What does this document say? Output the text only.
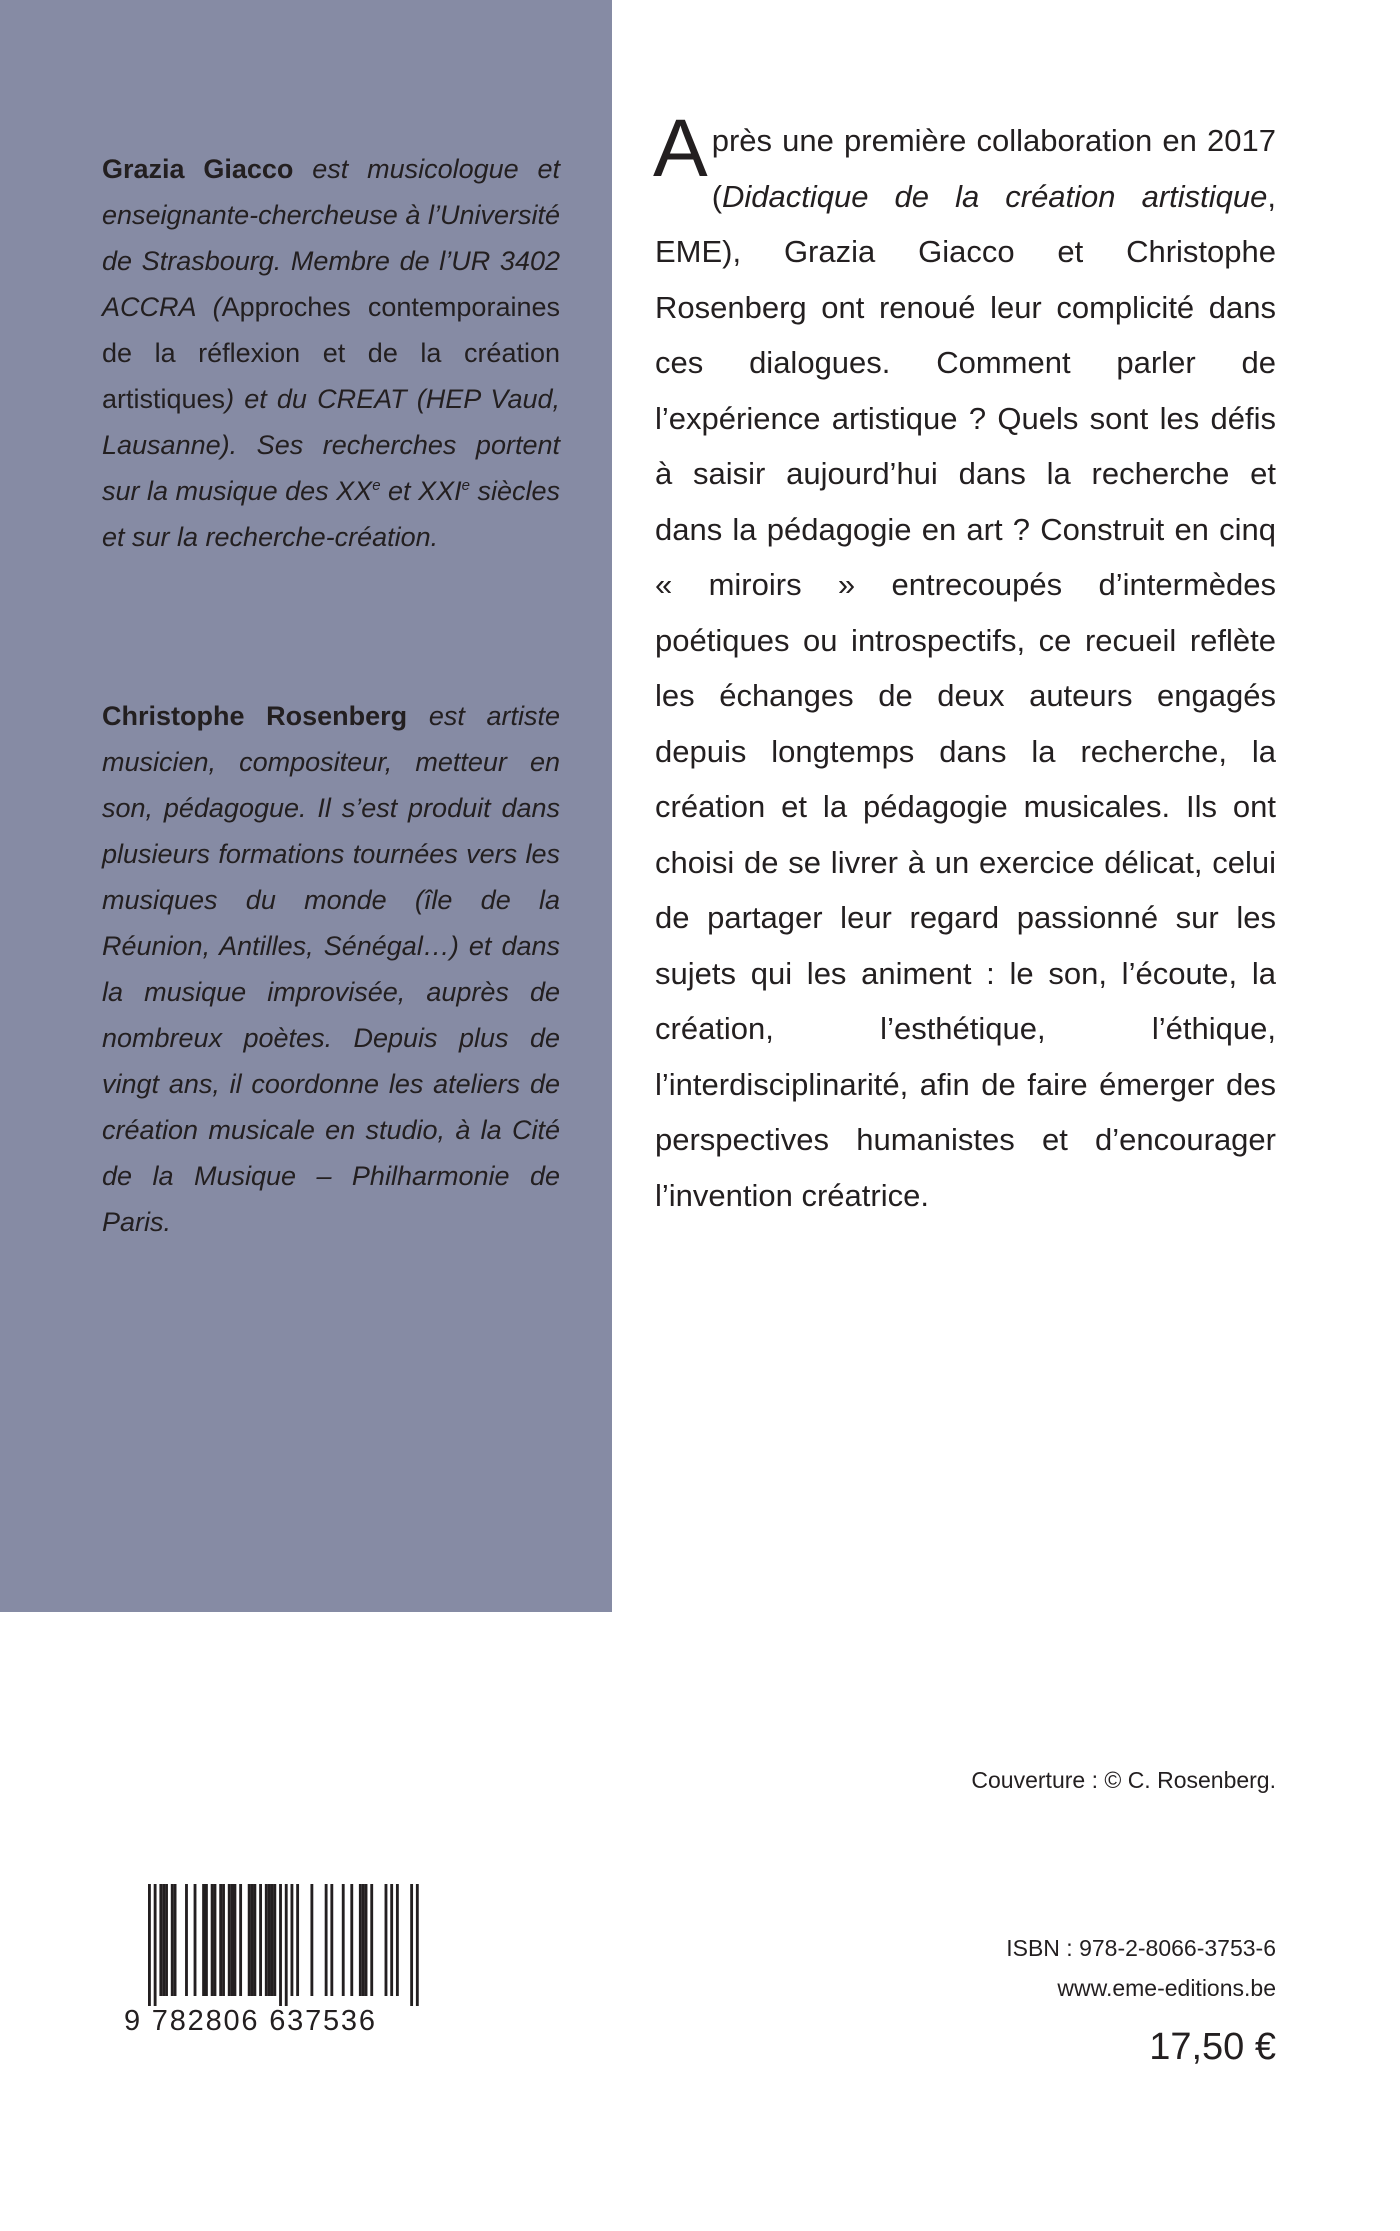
Grazia Giacco est musicologue et enseignante-chercheuse à l’Université de Strasbourg. Membre de l’UR 3402 ACCRA (Approches contemporaines de la réflexion et de la création artistiques) et du CREAT (HEP Vaud, Lausanne). Ses recherches portent sur la musique des XXe et XXIe siècles et sur la recherche-création.

Christophe Rosenberg est artiste musicien, compositeur, metteur en son, pédagogue. Il s’est produit dans plusieurs formations tournées vers les musiques du monde (île de la Réunion, Antilles, Sénégal…) et dans la musique improvisée, auprès de nombreux poètes. Depuis plus de vingt ans, il coordonne les ateliers de création musicale en studio, à la Cité de la Musique – Philharmonie de Paris.

Après une première collaboration en 2017 (Didactique de la création artistique, EME), Grazia Giacco et Christophe Rosenberg ont renoué leur complicité dans ces dialogues. Comment parler de l’expérience artistique ? Quels sont les défis à saisir aujourd’hui dans la recherche et dans la pédagogie en art ? Construit en cinq « miroirs » entrecoupés d’intermèdes poétiques ou introspectifs, ce recueil reflète les échanges de deux auteurs engagés depuis longtemps dans la recherche, la création et la pédagogie musicales. Ils ont choisi de se livrer à un exercice délicat, celui de partager leur regard passionné sur les sujets qui les animent : le son, l’écoute, la création, l’esthétique, l’éthique, l’interdisciplinarité, afin de faire émerger des perspectives humanistes et d’encourager l’invention créatrice.

Couverture : © C. Rosenberg.
9 782806 637536
ISBN : 978-2-8066-3753-6
www.eme-editions.be
17,50 €
